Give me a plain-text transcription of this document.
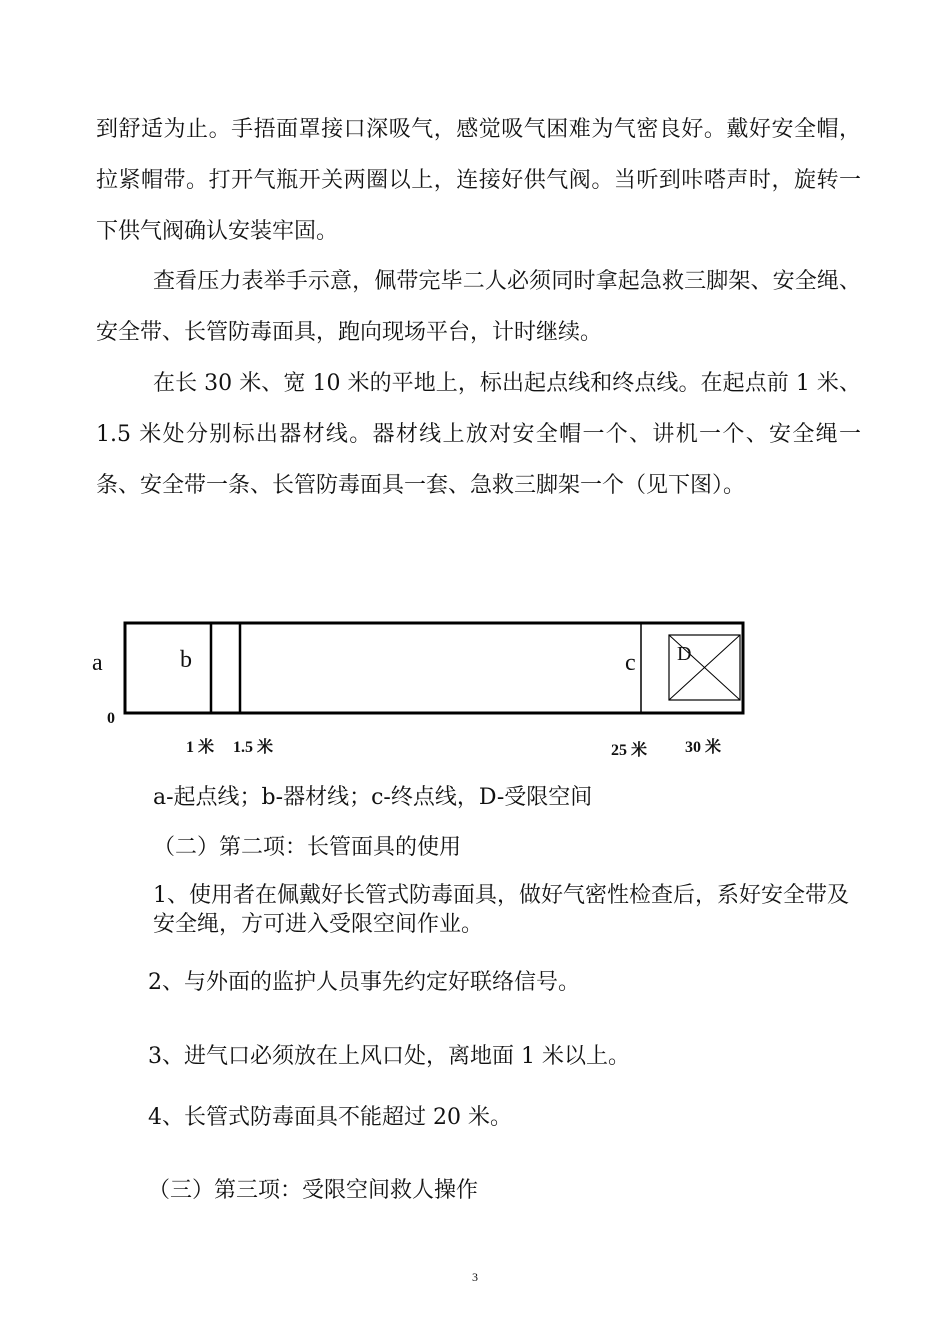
到舒适为止。手捂面罩接口深吸气，感觉吸气困难为气密良好。戴好安全帽，拉紧帽带。打开气瓶开关两圈以上，连接好供气阀。当听到咔嗒声时，旋转一下供气阀确认安装牢固。

查看压力表举手示意，佩带完毕二人必须同时拿起急救三脚架、安全绳、安全带、长管防毒面具，跑向现场平台，计时继续。

在长 30 米、宽 10 米的平地上，标出起点线和终点线。在起点前 1 米、1.5 米处分别标出器材线。器材线上放对安全帽一个、讲机一个、安全绳一条、安全带一条、长管防毒面具一套、急救三脚架一个（见下图）。

a	b	c D
0
1 米 1.5 米	25 米 30 米

a-起点线；b-器材线；c-终点线，D-受限空间

（二）第二项：长管面具的使用

1、使用者在佩戴好长管式防毒面具，做好气密性检查后，系好安全带及安全绳，方可进入受限空间作业。

2、与外面的监护人员事先约定好联络信号。

3、进气口必须放在上风口处，离地面 1 米以上。

4、长管式防毒面具不能超过 20 米。

（三）第三项：受限空间救人操作

3
